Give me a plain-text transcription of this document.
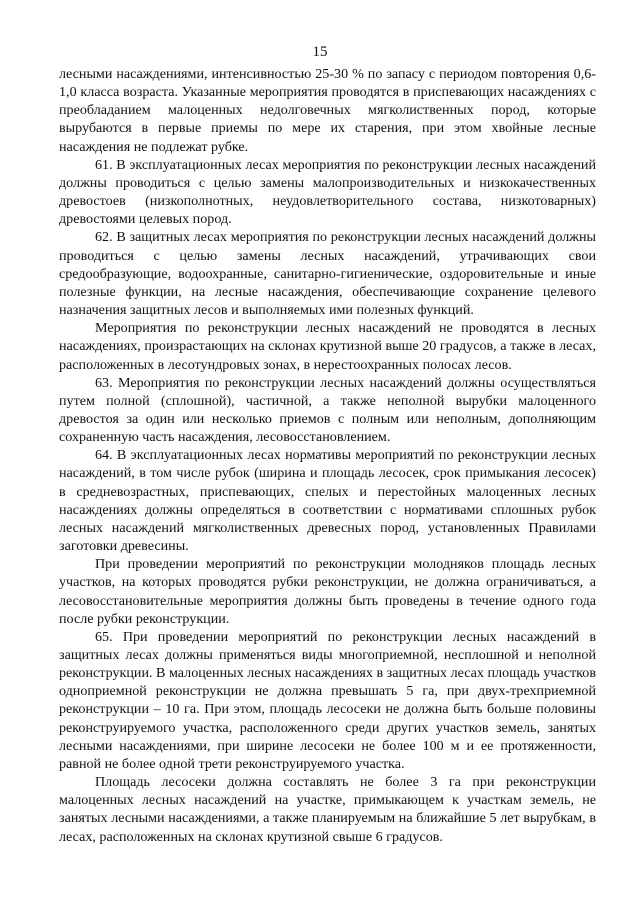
15

лесными насаждениями, интенсивностью 25-30 % по запасу с периодом повторения 0,6-1,0 класса возраста. Указанные мероприятия проводятся в приспевающих насаждениях с преобладанием малоценных недолговечных мягколиственных пород, которые вырубаются в первые приемы по мере их старения, при этом хвойные лесные насаждения не подлежат рубке.

61. В эксплуатационных лесах мероприятия по реконструкции лесных насаждений должны проводиться с целью замены малопроизводительных и низкокачественных древостоев (низкополнотных, неудовлетворительного состава, низкотоварных) древостоями целевых пород.

62. В защитных лесах мероприятия по реконструкции лесных насаждений должны проводиться с целью замены лесных насаждений, утрачивающих свои средообразующие, водоохранные, санитарно-гигиенические, оздоровительные и иные полезные функции, на лесные насаждения, обеспечивающие сохранение целевого назначения защитных лесов и выполняемых ими полезных функций.

Мероприятия по реконструкции лесных насаждений не проводятся в лесных насаждениях, произрастающих на склонах крутизной выше 20 градусов, а также в лесах, расположенных в лесотундровых зонах, в нерестоохранных полосах лесов.

63. Мероприятия по реконструкции лесных насаждений должны осуществляться путем полной (сплошной), частичной, а также неполной вырубки малоценного древостоя за один или несколько приемов с полным или неполным, дополняющим сохраненную часть насаждения, лесовосстановлением.

64. В эксплуатационных лесах нормативы мероприятий по реконструкции лесных насаждений, в том числе рубок (ширина и площадь лесосек, срок примыкания лесосек) в средневозрастных, приспевающих, спелых и перестойных малоценных лесных насаждениях должны определяться в соответствии с нормативами сплошных рубок лесных насаждений мягколиственных древесных пород, установленных Правилами заготовки древесины.

При проведении мероприятий по реконструкции молодняков площадь лесных участков, на которых проводятся рубки реконструкции, не должна ограничиваться, а лесовосстановительные мероприятия должны быть проведены в течение одного года после рубки реконструкции.

65. При проведении мероприятий по реконструкции лесных насаждений в защитных лесах должны применяться виды многоприемной, несплошной и неполной реконструкции. В малоценных лесных насаждениях в защитных лесах площадь участков одноприемной реконструкции не должна превышать 5 га, при двух-трехприемной реконструкции – 10 га. При этом, площадь лесосеки не должна быть больше половины реконструируемого участка, расположенного среди других участков земель, занятых лесными насаждениями, при ширине лесосеки не более 100 м и ее протяженности, равной не более одной трети реконструируемого участка.

Площадь лесосеки должна составлять не более 3 га при реконструкции малоценных лесных насаждений на участке, примыкающем к участкам земель, не занятых лесными насаждениями, а также планируемым на ближайшие 5 лет вырубкам, в лесах, расположенных на склонах крутизной свыше 6 градусов.
